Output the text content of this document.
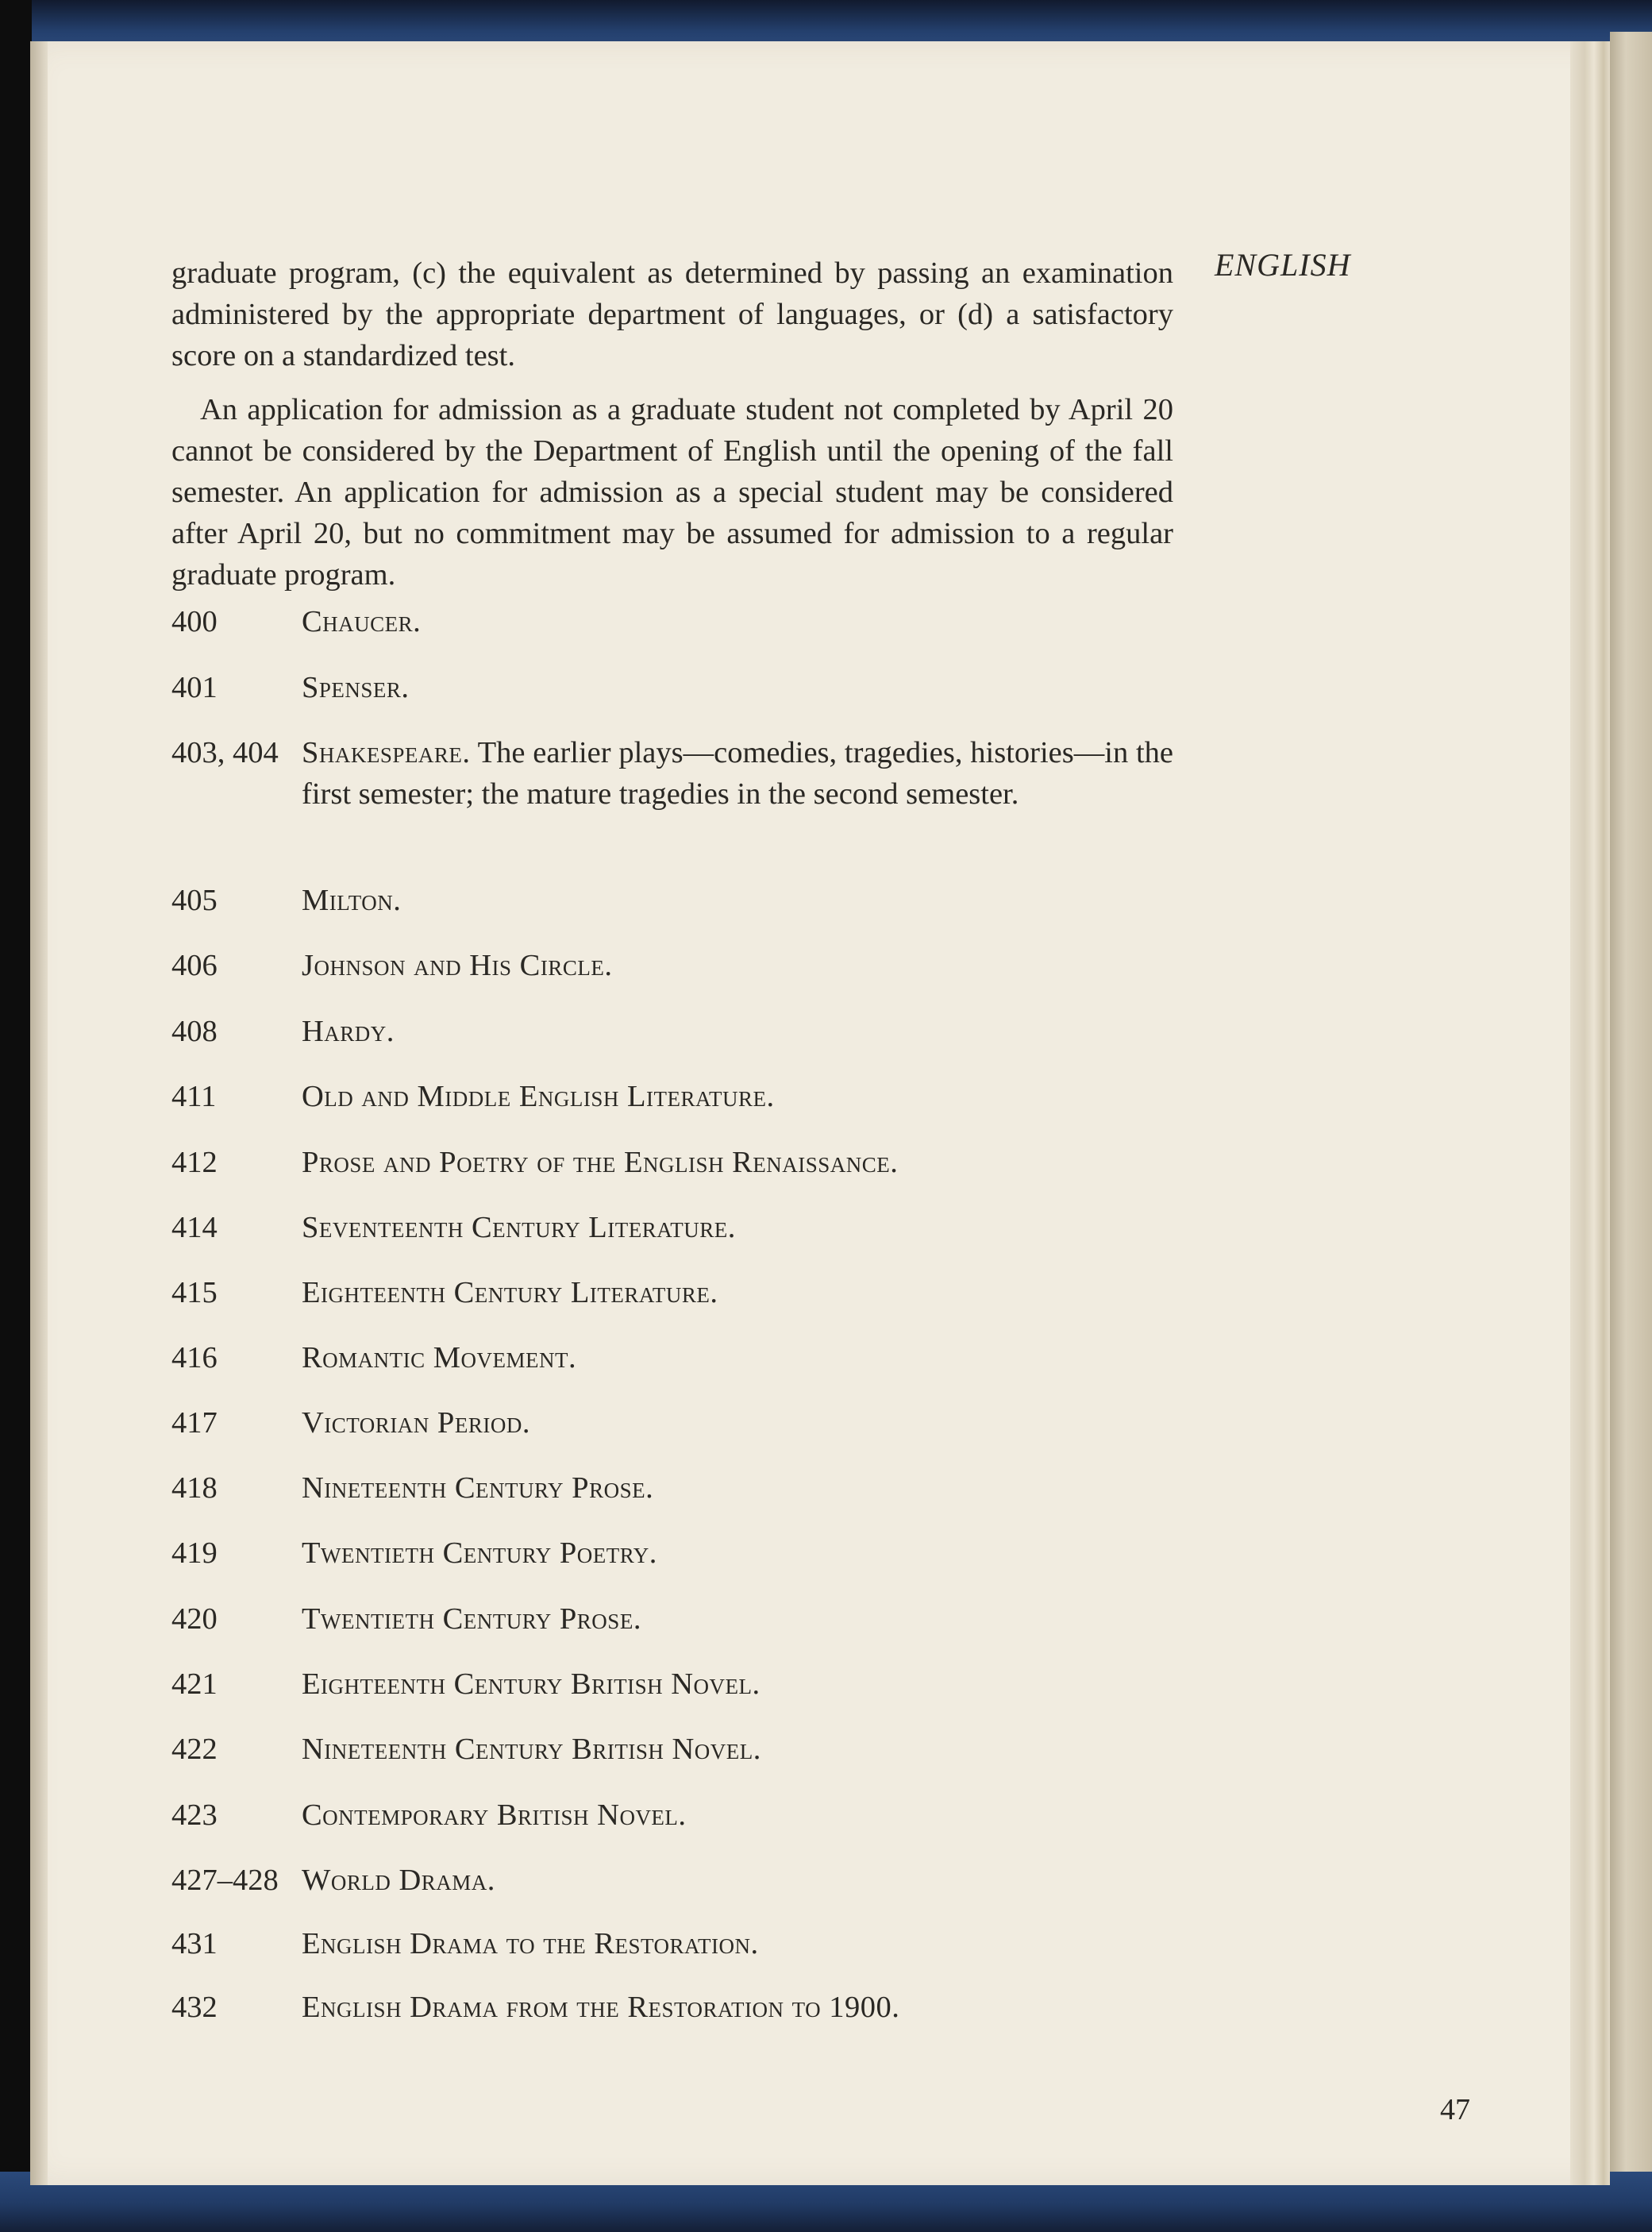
ENGLISH

graduate program, (c) the equivalent as determined by passing an examination administered by the appropriate department of languages, or (d) a satisfactory score on a standardized test.

An application for admission as a graduate student not completed by April 20 cannot be considered by the Department of English until the opening of the fall semester. An application for admission as a special student may be considered after April 20, but no commitment may be assumed for admission to a regular graduate program.

400	Chaucer.
401	Spenser.
403, 404 Shakespeare. The earlier plays—comedies, tragedies, histories—in the first semester; the mature tragedies in the second semester.
405	Milton.
406	Johnson and His Circle.
408	Hardy.
411	Old and Middle English Literature.
412	Prose and Poetry of the English Renaissance.
414	Seventeenth Century Literature.
415	Eighteenth Century Literature.
416	Romantic Movement.
417	Victorian Period.
418	Nineteenth Century Prose.
419	Twentieth Century Poetry.
420	Twentieth Century Prose.
421	Eighteenth Century British Novel.
422	Nineteenth Century British Novel.
423	Contemporary British Novel.
427–428 World Drama.
431	English Drama to the Restoration.
432	English Drama from the Restoration to 1900.
47
